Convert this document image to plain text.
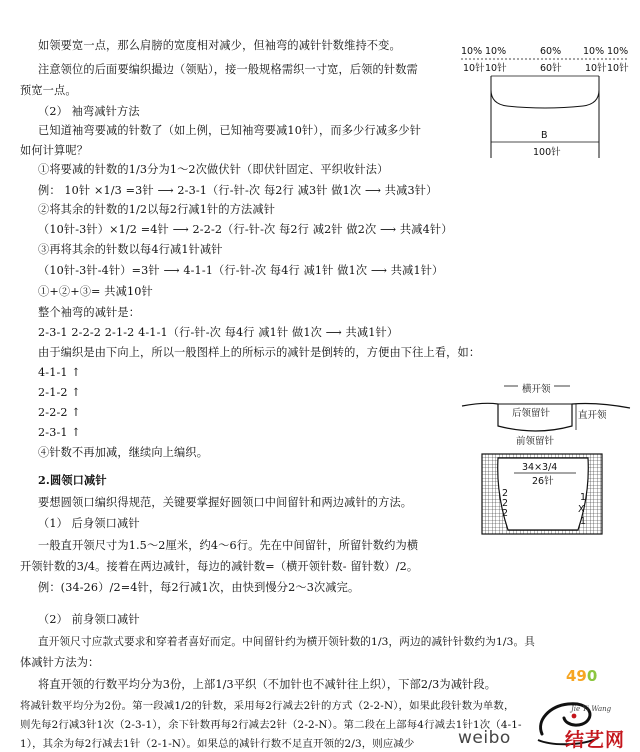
如领要宽一点，那么肩膀的宽度相对减少，但袖弯的减针针数维持不变。
注意领位的后面要编织撮边（领贴），接一般规格需织一寸宽，后领的针数需
预宽一点。
（2） 袖弯减针方法
已知道袖弯要减的针数了（如上例，已知袖弯要减10针），而多少行减多少针
如何计算呢？
①将要减的针数的1/3分为1～2次做伏针（即伏针固定、平织收针法）
例： 10针 ×1/3 =3针 ⟶ 2-3-1（行-针-次 每2行 减3针 做1次 ⟶ 共减3针）
②将其余的针数的1/2以每2行减1针的方法减针
（10针-3针）×1/2 =4针 ⟶ 2-2-2（行-针-次 每2行 减2针 做2次 ⟶ 共减4针）
③再将其余的针数以每4行减1针减针
（10针-3针-4针）=3针 ⟶ 4-1-1（行-针-次 每4行 减1针 做1次 ⟶ 共减1针）
①+②+③= 共减10针
整个袖弯的减针是：
2-3-1 2-2-2 2-1-2 4-1-1（行-针-次 每4行 减1针 做1次 ⟶ 共减1针）
由于编织是由下向上，所以一般图样上的所标示的减针是倒转的，方便由下往上看，如：
4-1-1 ↑
2-1-2 ↑
2-2-2 ↑
2-3-1 ↑
④针数不再加减，继续向上编织。
2.圆领口减针
要想圆领口编织得规范，关键要掌握好圆领口中间留针和两边减针的方法。
（1） 后身领口减针
一般直开领尺寸为1.5～2厘米，约4～6行。先在中间留针，所留针数约为横
开领针数的3/4。接着在两边减针，每边的减针数=（横开领针数- 留针数）/2。
例：(34-26）/2=4针，每2行减1次，由快到慢分2～3次减完。
（2） 前身领口减针
直开领尺寸应款式要求和穿着者喜好而定。中间留针约为横开领针数的1/3，两边的减针针数约为1/3。具
体减针方法为：
将直开领的行数平均分为3份，上部1/3平织（不加针也不减针往上织），下部2/3为减针段。
将减针数平均分为2份。第一段减1/2的针数，采用每2行减去2针的方式（2-2-N），如果此段针数为单数，
则先每2行减3针1次（2-3-1），余下针数再每2行减去2针（2-2-N）。第二段在上部每4行减去1针1次（4-1-
1），其余为每2行减去1针（2-1-N）。如果总的减针行数不足直开领的2/3，则应减少
10% 10%	60% 10% 10%
10针 10针	60针 10针 10针
B
100针
横开领
后领留针	直开领
前领留针
34×3/4
26针
2
2
2
1
X
1
weibo
490
Jie Yi Wang
结艺网
